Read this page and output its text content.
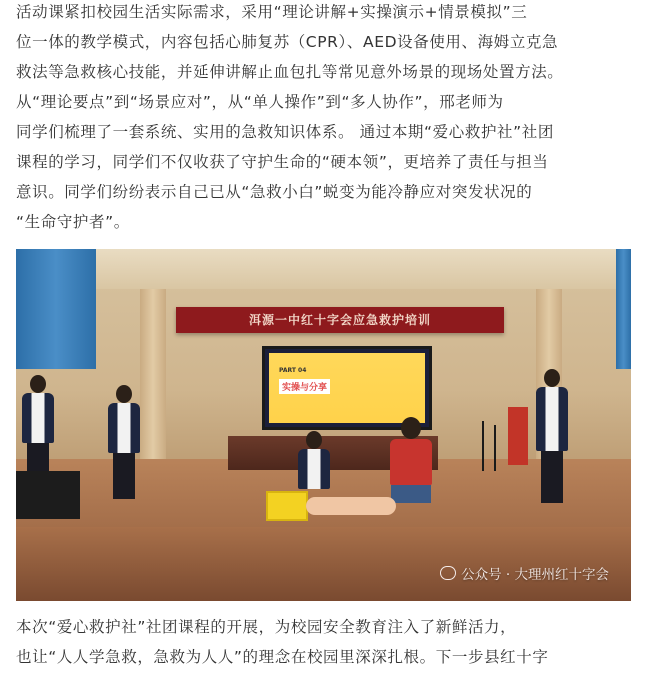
活动课紧扣校园生活实际需求，采用“理论讲解+实操演示+情景模拟”三
位一体的教学模式，内容包括心肺复苏（CPR）、AED设备使用、海姆立克急
救法等急救核心技能，并延伸讲解止血包扎等常见意外场景的现场处置方法。
从“理论要点”到“场景应对”，从“单人操作”到“多人协作”，邢老师为
同学们梳理了一套系统、实用的急救知识体系。 通过本期“爱心救护社”社团
课程的学习，同学们不仅收获了守护生命的“硬本领”，更培养了责任与担当
意识。同学们纷纷表示自己已从“急救小白”蜕变为能冷静应对突发状况的
“生命守护者”。
洱源一中红十字会应急救护培训
PART 04
实操与分享
公众号 · 大理州红十字会
本次“爱心救护社”社团课程的开展，为校园安全教育注入了新鲜活力，
也让“人人学急救，急救为人人”的理念在校园里深深扎根。下一步县红十字
